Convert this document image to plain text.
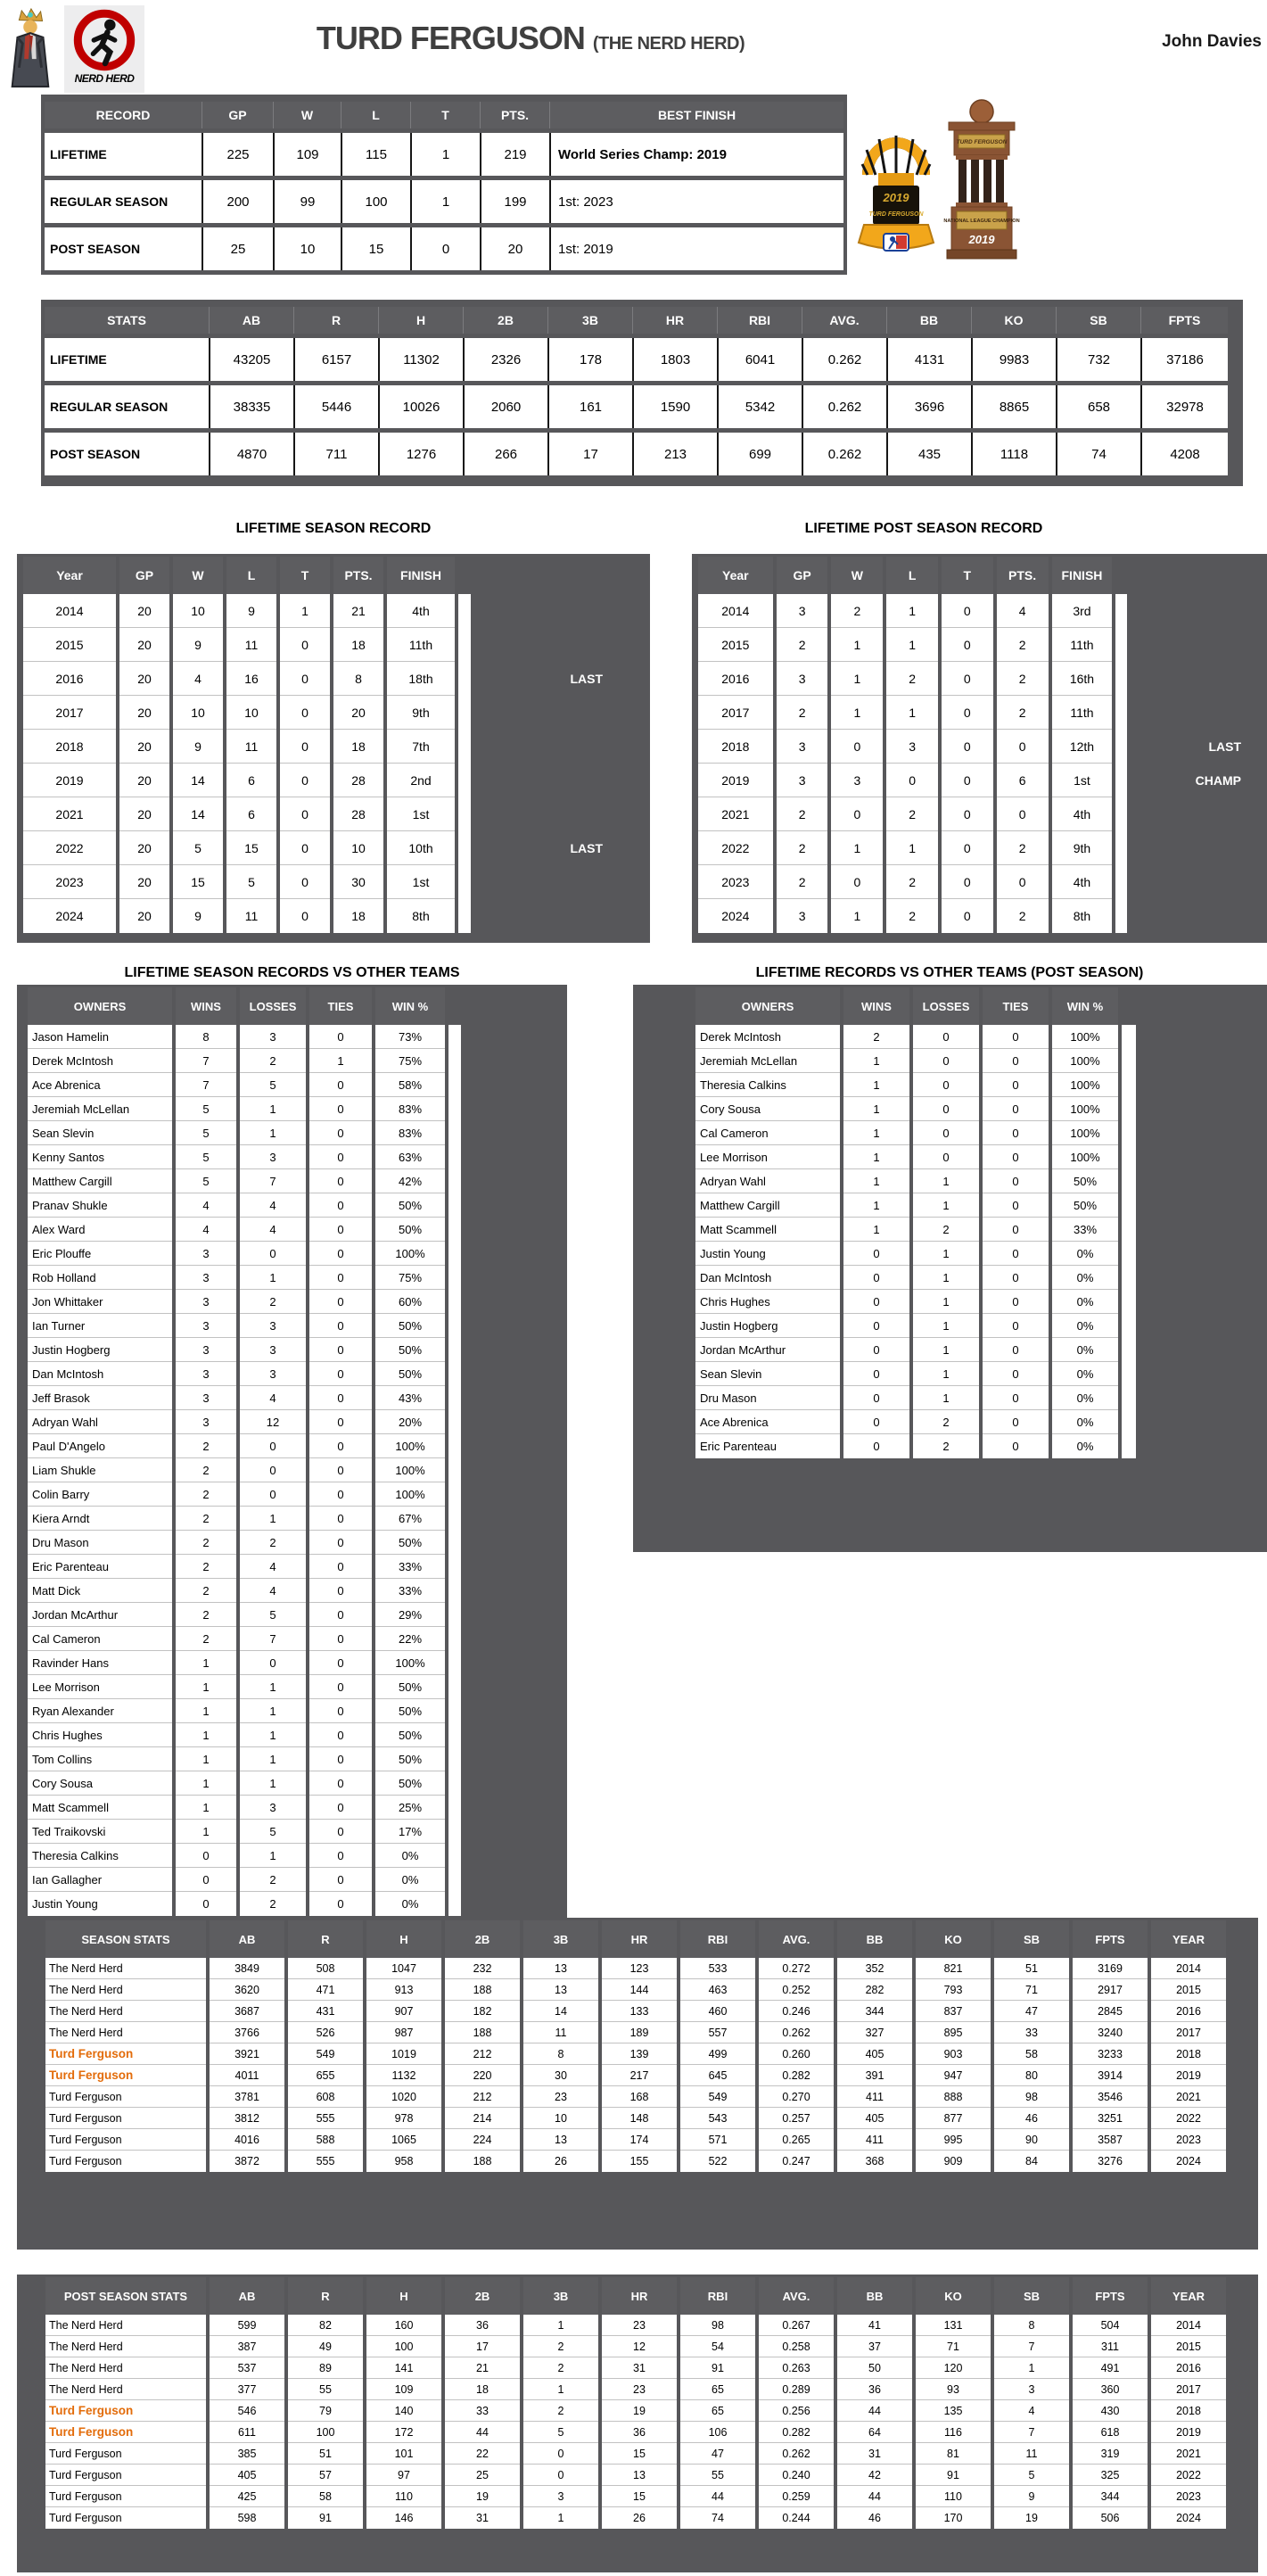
NERD HERD
TURD FERGUSON (THE NERD HERD)	John Davies
RECORD	GP	W	L	T	PTS.	BEST FINISH
LIFETIME	225	109	115	1	219	World Series Champ: 2019
REGULAR SEASON	200	99	100	1	199	1st: 2023
POST SEASON	25	10	15	0	20	1st: 2019
2019
TURD FERGUSON
TURD FERGUSON
NATIONAL LEAGUE CHAMPION
2019
STATS	AB	R	H	2B	3B	HR	RBI	AVG.	BB	KO	SB	FPTS
LIFETIME	43205	6157	11302	2326	178	1803	6041	0.262	4131	9983	732	37186
REGULAR SEASON	38335	5446	10026	2060	161	1590	5342	0.262	3696	8865	658	32978
POST SEASON	4870	711	1276	266	17	213	699	0.262	435	1118	74	4208
LIFETIME SEASON RECORD
Year	GP	W	L	T	PTS.	FINISH		
2014	20	10	9	1	21	4th		
2015	20	9	11	0	18	11th		
2016	20	4	16	0	8	18th		LAST
2017	20	10	10	0	20	9th		
2018	20	9	11	0	18	7th		
2019	20	14	6	0	28	2nd		
2021	20	14	6	0	28	1st		
2022	20	5	15	0	10	10th		LAST
2023	20	15	5	0	30	1st		
2024	20	9	11	0	18	8th		
LIFETIME POST SEASON RECORD
Year	GP	W	L	T	PTS.	FINISH		
2014	3	2	1	0	4	3rd		
2015	2	1	1	0	2	11th		
2016	3	1	2	0	2	16th		
2017	2	1	1	0	2	11th		
2018	3	0	3	0	0	12th		LAST
2019	3	3	0	0	6	1st		CHAMP
2021	2	0	2	0	0	4th		
2022	2	1	1	0	2	9th		
2023	2	0	2	0	0	4th		
2024	3	1	2	0	2	8th		
LIFETIME SEASON RECORDS VS OTHER TEAMS
OWNERS	WINS	LOSSES	TIES	WIN %	
Jason Hamelin	8	3	0	73%	
Derek McIntosh	7	2	1	75%	
Ace Abrenica	7	5	0	58%	
Jeremiah McLellan	5	1	0	83%	
Sean Slevin	5	1	0	83%	
Kenny Santos	5	3	0	63%	
Matthew Cargill	5	7	0	42%	
Pranav Shukle	4	4	0	50%	
Alex Ward	4	4	0	50%	
Eric Plouffe	3	0	0	100%	
Rob Holland	3	1	0	75%	
Jon Whittaker	3	2	0	60%	
Ian Turner	3	3	0	50%	
Justin Hogberg	3	3	0	50%	
Dan McIntosh	3	3	0	50%	
Jeff Brasok	3	4	0	43%	
Adryan Wahl	3	12	0	20%	
Paul D'Angelo	2	0	0	100%	
Liam Shukle	2	0	0	100%	
Colin Barry	2	0	0	100%	
Kiera Arndt	2	1	0	67%	
Dru Mason	2	2	0	50%	
Eric Parenteau	2	4	0	33%	
Matt Dick	2	4	0	33%	
Jordan McArthur	2	5	0	29%	
Cal Cameron	2	7	0	22%	
Ravinder Hans	1	0	0	100%	
Lee Morrison	1	1	0	50%	
Ryan Alexander	1	1	0	50%	
Chris Hughes	1	1	0	50%	
Tom Collins	1	1	0	50%	
Cory Sousa	1	1	0	50%	
Matt Scammell	1	3	0	25%	
Ted Traikovski	1	5	0	17%	
Theresia Calkins	0	1	0	0%	
Ian Gallagher	0	2	0	0%	
Justin Young	0	2	0	0%	
LIFETIME RECORDS VS OTHER TEAMS (POST SEASON)
OWNERS	WINS	LOSSES	TIES	WIN %	
Derek McIntosh	2	0	0	100%	
Jeremiah McLellan	1	0	0	100%	
Theresia Calkins	1	0	0	100%	
Cory Sousa	1	0	0	100%	
Cal Cameron	1	0	0	100%	
Lee Morrison	1	0	0	100%	
Adryan Wahl	1	1	0	50%	
Matthew Cargill	1	1	0	50%	
Matt Scammell	1	2	0	33%	
Justin Young	0	1	0	0%	
Dan McIntosh	0	1	0	0%	
Chris Hughes	0	1	0	0%	
Justin Hogberg	0	1	0	0%	
Jordan McArthur	0	1	0	0%	
Sean Slevin	0	1	0	0%	
Dru Mason	0	1	0	0%	
Ace Abrenica	0	2	0	0%	
Eric Parenteau	0	2	0	0%	
SEASON STATS	AB	R	H	2B	3B	HR	RBI	AVG.	BB	KO	SB	FPTS	YEAR
The Nerd Herd	3849	508	1047	232	13	123	533	0.272	352	821	51	3169	2014
The Nerd Herd	3620	471	913	188	13	144	463	0.252	282	793	71	2917	2015
The Nerd Herd	3687	431	907	182	14	133	460	0.246	344	837	47	2845	2016
The Nerd Herd	3766	526	987	188	11	189	557	0.262	327	895	33	3240	2017
Turd Ferguson	3921	549	1019	212	8	139	499	0.260	405	903	58	3233	2018
Turd Ferguson	4011	655	1132	220	30	217	645	0.282	391	947	80	3914	2019
Turd Ferguson	3781	608	1020	212	23	168	549	0.270	411	888	98	3546	2021
Turd Ferguson	3812	555	978	214	10	148	543	0.257	405	877	46	3251	2022
Turd Ferguson	4016	588	1065	224	13	174	571	0.265	411	995	90	3587	2023
Turd Ferguson	3872	555	958	188	26	155	522	0.247	368	909	84	3276	2024
POST SEASON STATS	AB	R	H	2B	3B	HR	RBI	AVG.	BB	KO	SB	FPTS	YEAR
The Nerd Herd	599	82	160	36	1	23	98	0.267	41	131	8	504	2014
The Nerd Herd	387	49	100	17	2	12	54	0.258	37	71	7	311	2015
The Nerd Herd	537	89	141	21	2	31	91	0.263	50	120	1	491	2016
The Nerd Herd	377	55	109	18	1	23	65	0.289	36	93	3	360	2017
Turd Ferguson	546	79	140	33	2	19	65	0.256	44	135	4	430	2018
Turd Ferguson	611	100	172	44	5	36	106	0.282	64	116	7	618	2019
Turd Ferguson	385	51	101	22	0	15	47	0.262	31	81	11	319	2021
Turd Ferguson	405	57	97	25	0	13	55	0.240	42	91	5	325	2022
Turd Ferguson	425	58	110	19	3	15	44	0.259	44	110	9	344	2023
Turd Ferguson	598	91	146	31	1	26	74	0.244	46	170	19	506	2024
